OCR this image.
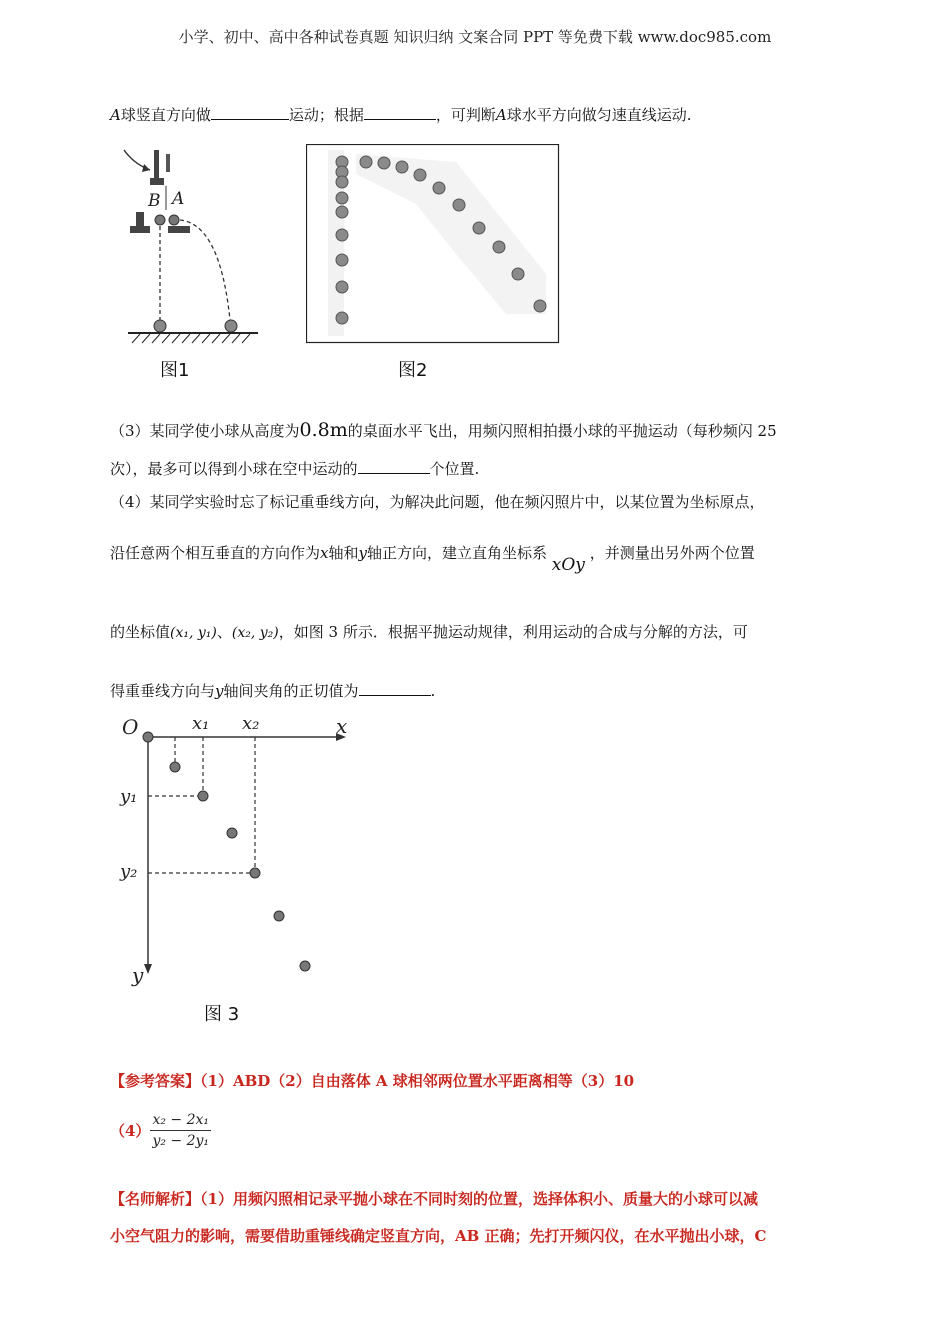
小学、初中、高中各种试卷真题 知识归纳 文案合同 PPT 等免费下载 www.doc985.com
A球竖直方向做	运动；根据	，可判断A球水平方向做匀速直线运动.
B A
图1	图2
（3）某同学使小球从高度为0.8m的桌面水平飞出，用频闪照相拍摄小球的平抛运动（每秒频闪 25
次），最多可以得到小球在空中运动的	个位置.
（4）某同学实验时忘了标记重垂线方向，为解决此问题，他在频闪照片中，以某位置为坐标原点，
沿任意两个相互垂直的方向作为x轴和y轴正方向，建立直角坐标系 xOy ，并测量出另外两个位置
的坐标值(x₁, y₁)、(x₂, y₂)，如图 3 所示．根据平抛运动规律，利用运动的合成与分解的方法，可
得重垂线方向与y轴间夹角的正切值为	.
O	x
y
x₁ x₂
y₁
y₂
图 3
【参考答案】（1）ABD（2）自由落体 A 球相邻两位置水平距离相等（3）10
$(4) \frac{\text{x₂ − 2x₁}}{\text{y₂ − 2y₁}}$
【名师解析】（1）用频闪照相记录平抛小球在不同时刻的位置，选择体积小、质量大的小球可以减
小空气阻力的影响，需要借助重锤线确定竖直方向，AB 正确；先打开频闪仪，在水平抛出小球，C
